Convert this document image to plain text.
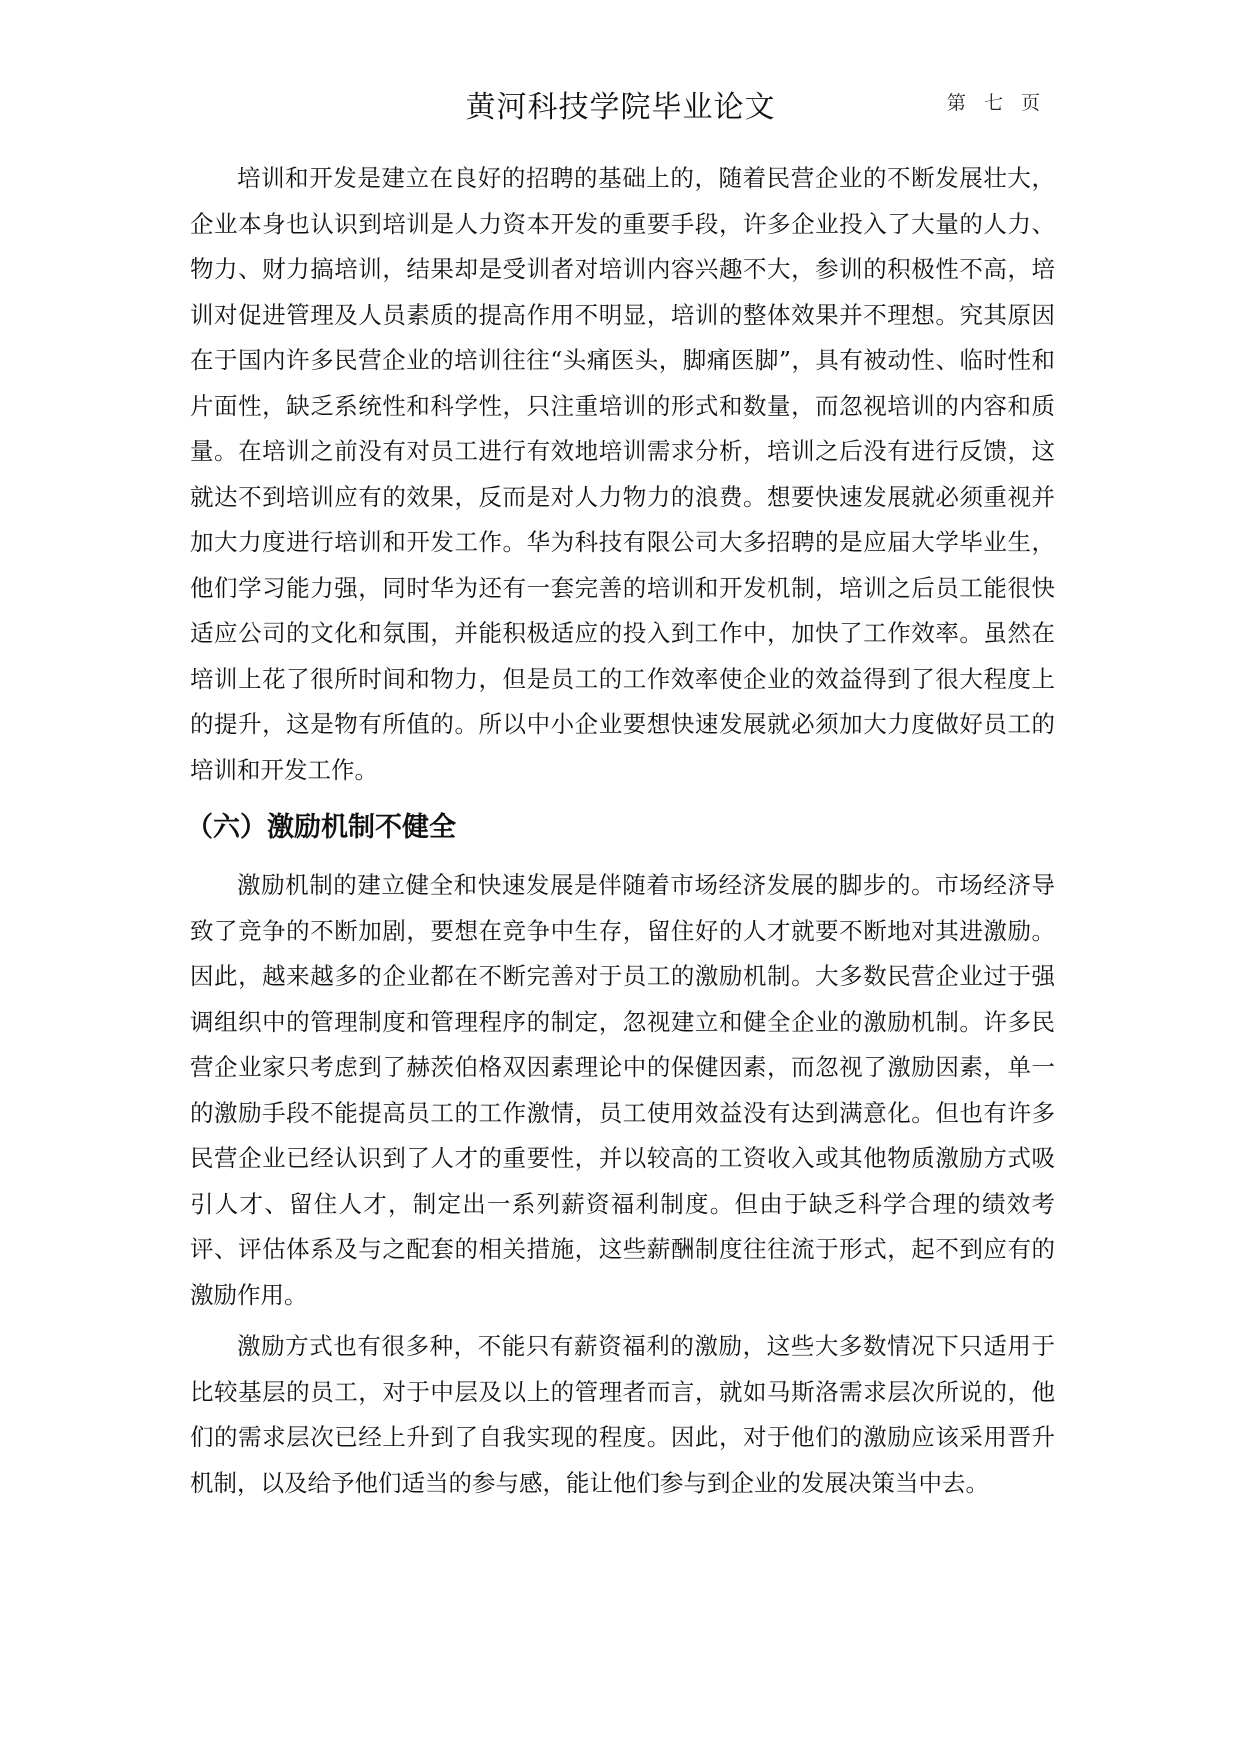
黄河科技学院毕业论文	第 七 页

培训和开发是建立在良好的招聘的基础上的，随着民营企业的不断发展壮大，企业本身也认识到培训是人力资本开发的重要手段，许多企业投入了大量的人力、物力、财力搞培训，结果却是受训者对培训内容兴趣不大，参训的积极性不高，培训对促进管理及人员素质的提高作用不明显，培训的整体效果并不理想。究其原因在于国内许多民营企业的培训往往“头痛医头，脚痛医脚”，具有被动性、临时性和片面性，缺乏系统性和科学性，只注重培训的形式和数量，而忽视培训的内容和质量。在培训之前没有对员工进行有效地培训需求分析，培训之后没有进行反馈，这就达不到培训应有的效果，反而是对人力物力的浪费。想要快速发展就必须重视并加大力度进行培训和开发工作。华为科技有限公司大多招聘的是应届大学毕业生，他们学习能力强，同时华为还有一套完善的培训和开发机制，培训之后员工能很快适应公司的文化和氛围，并能积极适应的投入到工作中，加快了工作效率。虽然在培训上花了很所时间和物力，但是员工的工作效率使企业的效益得到了很大程度上的提升，这是物有所值的。所以中小企业要想快速发展就必须加大力度做好员工的培训和开发工作。

（六）激励机制不健全

激励机制的建立健全和快速发展是伴随着市场经济发展的脚步的。市场经济导致了竞争的不断加剧，要想在竞争中生存，留住好的人才就要不断地对其进激励。因此，越来越多的企业都在不断完善对于员工的激励机制。大多数民营企业过于强调组织中的管理制度和管理程序的制定，忽视建立和健全企业的激励机制。许多民营企业家只考虑到了赫茨伯格双因素理论中的保健因素，而忽视了激励因素，单一的激励手段不能提高员工的工作激情，员工使用效益没有达到满意化。但也有许多民营企业已经认识到了人才的重要性，并以较高的工资收入或其他物质激励方式吸引人才、留住人才，制定出一系列薪资福利制度。但由于缺乏科学合理的绩效考评、评估体系及与之配套的相关措施，这些薪酬制度往往流于形式，起不到应有的激励作用。

激励方式也有很多种，不能只有薪资福利的激励，这些大多数情况下只适用于比较基层的员工，对于中层及以上的管理者而言，就如马斯洛需求层次所说的，他们的需求层次已经上升到了自我实现的程度。因此，对于他们的激励应该采用晋升机制，以及给予他们适当的参与感，能让他们参与到企业的发展决策当中去。
